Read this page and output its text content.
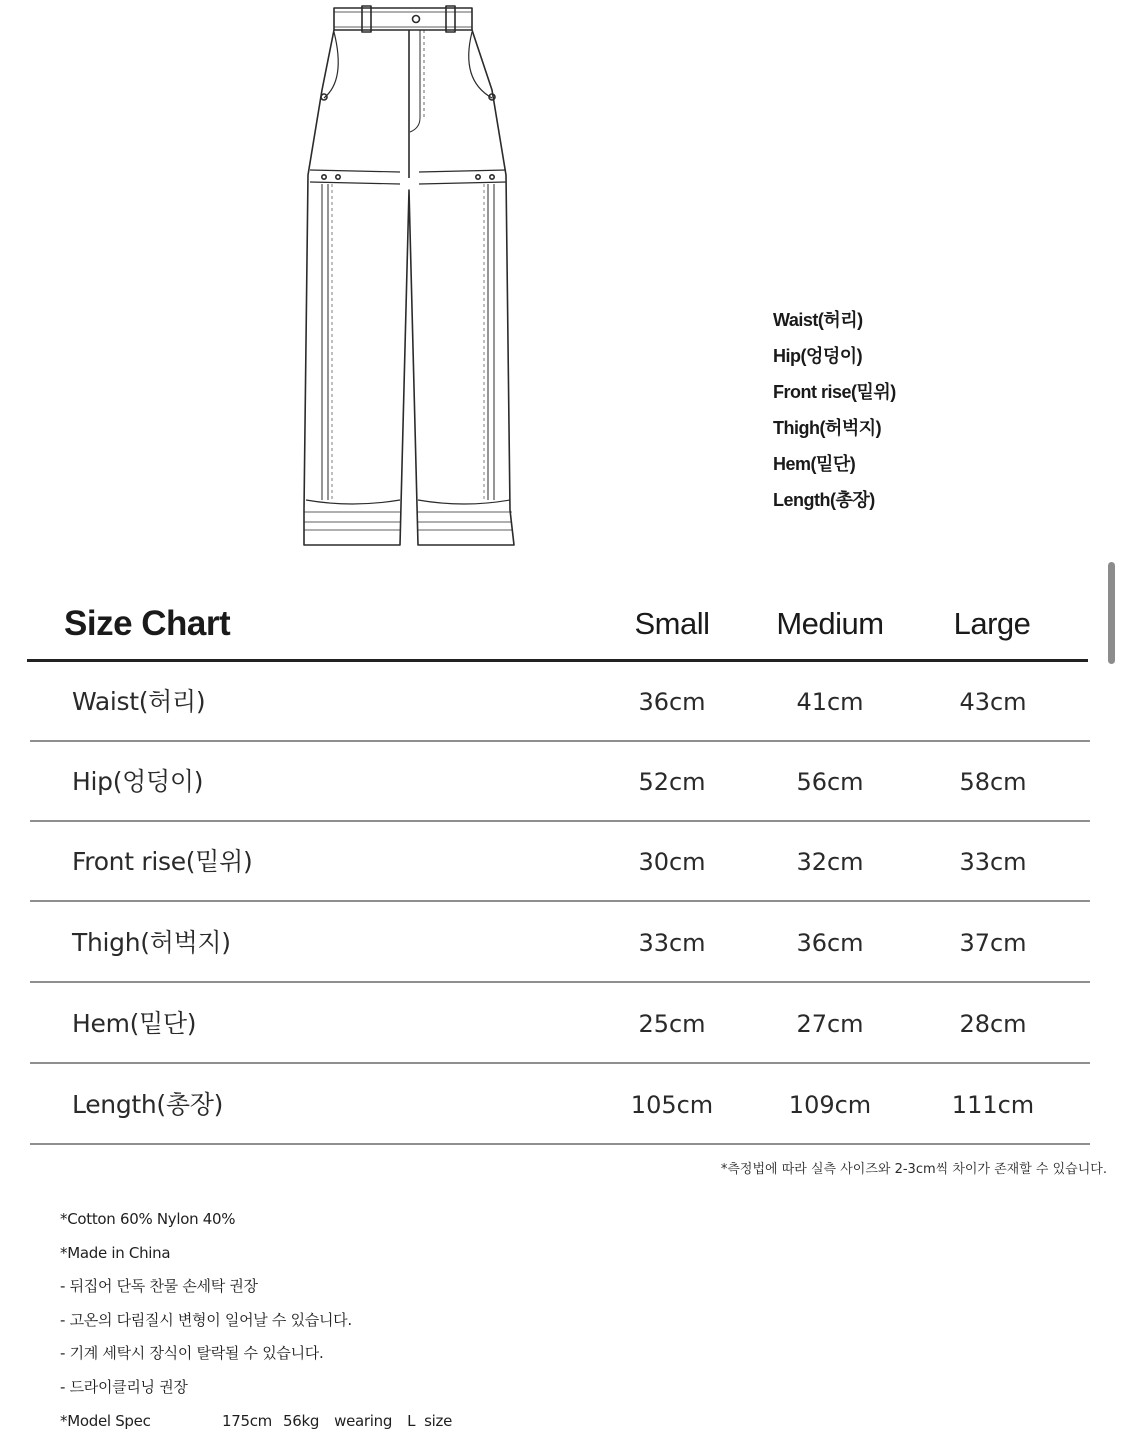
Waist(허리)
Hip(엉덩이)
Front rise(밑위)
Thigh(허벅지)
Hem(밑단)
Length(총장)
Size Chart	Small	Medium	Large
Waist(허리)	36cm	41cm	43cm
Hip(엉덩이)	52cm	56cm	58cm
Front rise(밑위)	30cm	32cm	33cm
Thigh(허벅지)	33cm	36cm	37cm
Hem(밑단)	25cm	27cm	28cm
Length(총장)	105cm	109cm	111cm
*측정법에 따라 실측 사이즈와 2-3cm씩 차이가 존재할 수 있습니다.
*Cotton 60% Nylon 40%
*Made in China
- 뒤집어 단독 찬물 손세탁 권장
- 고온의 다림질시 변형이 일어날 수 있습니다.
- 기계 세탁시 장식이 탈락될 수 있습니다.
- 드라이클리닝 권장
*Model Spec	175cm 56kg wearing L size
